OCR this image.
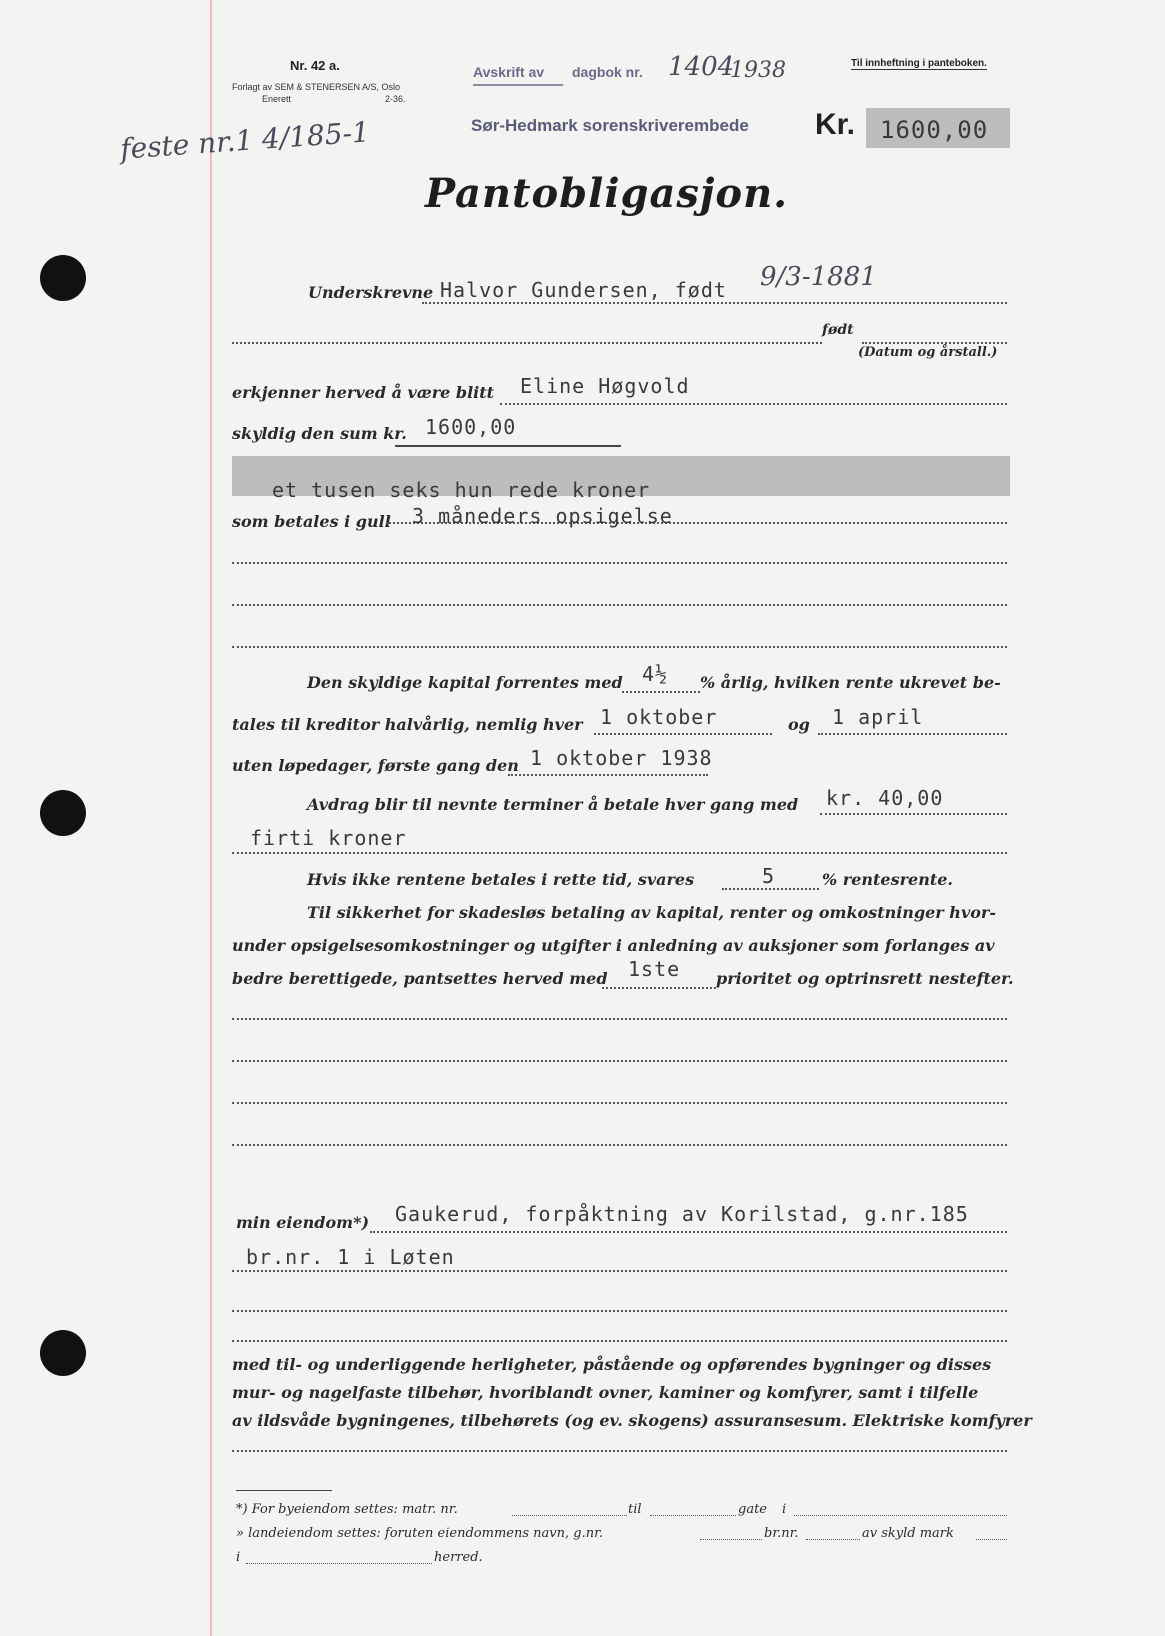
Nr. 42 a.
Forlagt av SEM & STENERSEN A/S, Oslo
Enerett	2-36.
Avskrift av dagbok nr. 1404
1938
Sør-Hedmark sorenskriverembede
Til innheftning i panteboken.
Kr. 1600,00
feste nr.1 4/185-1
Pantobligasjon.
Underskrevne Halvor Gundersen, født 9/3-1881
født
(Datum og årstall.)
erkjenner herved å være blitt Eline Høgvold
skyldig den sum kr. 1600,00
et tusen seks hun rede kroner
som betales i gull 3 måneders opsigelse
Den skyldige kapital forrentes med 4½ % årlig, hvilken rente ukrevet be-
tales til kreditor halvårlig, nemlig hver 1 oktober	og 1 april
uten løpedager, første gang den 1 oktober 1938
Avdrag blir til nevnte terminer å betale hver gang med kr. 40,00
firti kroner
Hvis ikke rentene betales i rette tid, svares	5	% rentesrente.
Til sikkerhet for skadesløs betaling av kapital, renter og omkostninger hvor-
under opsigelsesomkostninger og utgifter i anledning av auksjoner som forlanges av
bedre berettigede, pantsettes herved med 1ste prioritet og optrinsrett nestefter.
min eiendom*) Gaukerud, forpåktning av Korilstad, g.nr.185
br.nr. 1 i Løten
med til- og underliggende herligheter, påstående og opførendes bygninger og disses
mur- og nagelfaste tilbehør, hvoriblandt ovner, kaminer og komfyrer, samt i tilfelle
av ildsvåde bygningenes, tilbehørets (og ev. skogens) assuransesum. Elektriske komfyrer
*) For byeiendom settes: matr. nr.	til	gate i
» landeiendom settes: foruten eiendommens navn, g.nr.	br.nr.	av skyld mark
i	herred.
